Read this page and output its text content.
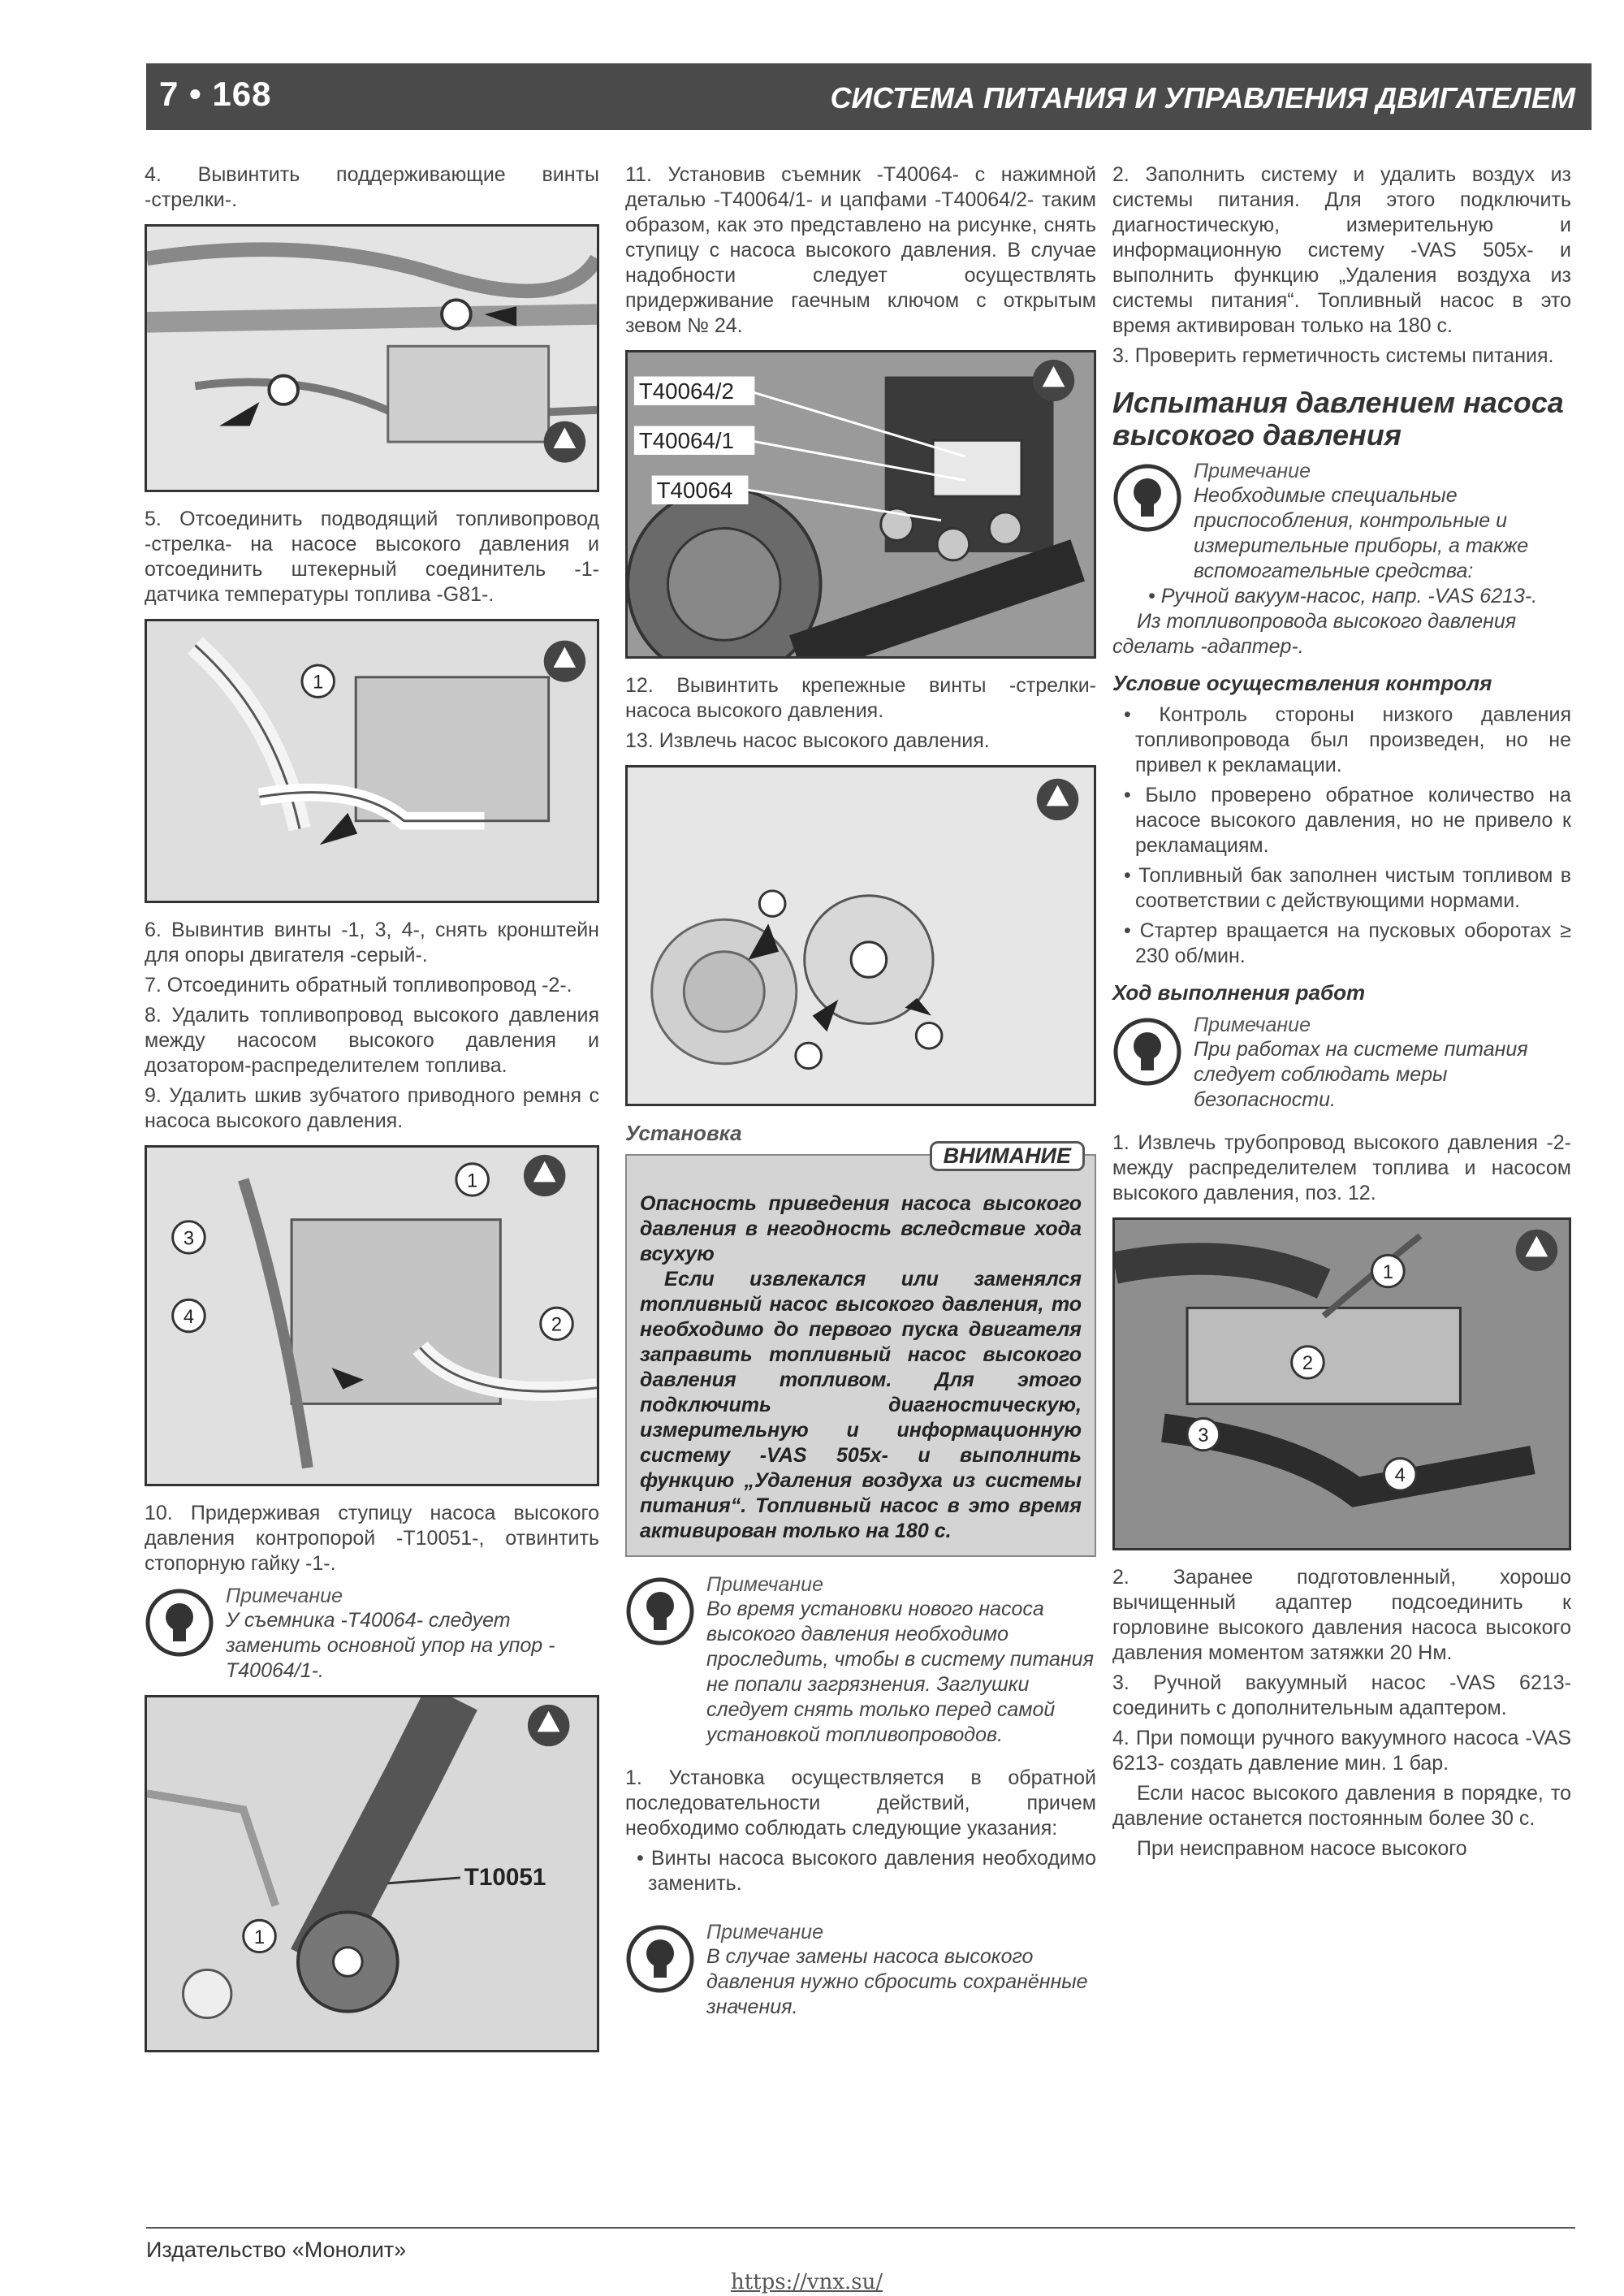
7 • 168	СИСТЕМА ПИТАНИЯ И УПРАВЛЕНИЯ ДВИГАТЕЛЕМ
4. Вывинтить поддерживающие винты -стрелки-.
5. Отсоединить подводящий топливопровод -стрелка- на насосе высокого давления и отсоединить штекерный соединитель -1-датчика температуры топлива -G81-.
1
6. Вывинтив винты -1, 3, 4-, снять кронштейн для опоры двигателя -серый-.
7. Отсоединить обратный топливопровод -2-.
8. Удалить топливопровод высокого давления между насосом высокого давления и дозатором-распределителем топлива.
9. Удалить шкив зубчатого приводного ремня с насоса высокого давления.
1
2
3
4
10. Придерживая ступицу насоса высокого давления контропорой -T10051-, отвинтить стопорную гайку -1-.
Примечание
У съемника -T40064- следует заменить основной упор на упор -T40064/1-.
T10051
1
11. Установив съемник -T40064- с нажимной деталью -T40064/1- и цапфами -T40064/2- таким образом, как это представлено на рисунке, снять ступицу с насоса высокого давления. В случае надобности следует осуществлять придерживание гаечным ключом с открытым зевом № 24.
T40064/2
T40064/1
T40064
12. Вывинтить крепежные винты -стрелки- насоса высокого давления.
13. Извлечь насос высокого давления.
Установка
ВНИМАНИЕ
Опасность приведения насоса высокого давления в негодность вследствие хода всухую
Если извлекался или заменялся топливный насос высокого давления, то необходимо до первого пуска двигателя заправить топливный насос высокого давления топливом. Для этого подключить диагностическую, измерительную и информационную систему -VAS 505x- и выполнить функцию „Удаления воздуха из системы питания“. Топливный насос в это время активирован только на 180 с.
Примечание
Во время установки нового насоса высокого давления необходимо проследить, чтобы в систему питания не попали загрязнения. Заглушки следует снять только перед самой установкой топливопроводов.
1. Установка осуществляется в обратной последовательности действий, причем необходимо соблюдать следующие указания:
• Винты насоса высокого давления необходимо заменить.
Примечание
В случае замены насоса высокого давления нужно сбросить сохранённые значения.
2. Заполнить систему и удалить воздух из системы питания. Для этого подключить диагностическую, измерительную и информационную систему -VAS 505x- и выполнить функцию „Удаления воздуха из системы питания“. Топливный насос в это время активирован только на 180 с.
3. Проверить герметичность системы питания.
Испытания давлением насоса высокого давления
Примечание
Необходимые специальные приспособления, контрольные и измерительные приборы, а также вспомогательные средства:
• Ручной вакуум-насос, напр. -VAS 6213-.
Из топливопровода высокого давления сделать -адаптер-.
Условие осуществления контроля
• Контроль стороны низкого давления топливопровода был произведен, но не привел к рекламации.
• Было проверено обратное количество на насосе высокого давления, но не привело к рекламациям.
• Топливный бак заполнен чистым топливом в соответствии с действующими нормами.
• Стартер вращается на пусковых оборотах ≥ 230 об/мин.
Ход выполнения работ
Примечание
При работах на системе питания следует соблюдать меры безопасности.
1. Извлечь трубопровод высокого давления -2- между распределителем топлива и насосом высокого давления, поз. 12.
1
2
3
4
2. Заранее подготовленный, хорошо вычищенный адаптер подсоединить к горловине высокого давления насоса высокого давления моментом затяжки 20 Нм.
3. Ручной вакуумный насос -VAS 6213- соединить с дополнительным адаптером.
4. При помощи ручного вакуумного насоса -VAS 6213- создать давление мин. 1 бар.
Если насос высокого давления в порядке, то давление останется постоянным более 30 с.
При неисправном насосе высокого
Издательство «Монолит»
https://vnx.su/
